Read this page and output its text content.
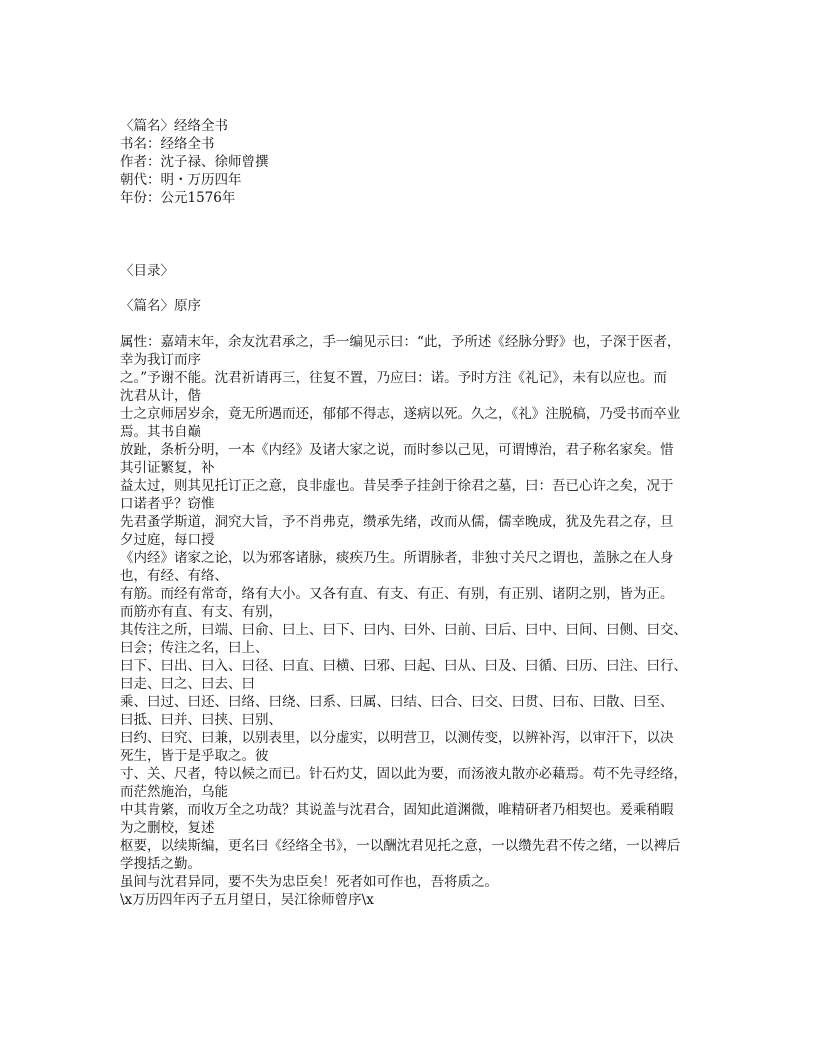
〈篇名〉经络全书
书名：经络全书
作者：沈子禄、徐师曾撰
朝代：明・万历四年
年份：公元1576年
〈目录〉
〈篇名〉原序
属性：嘉靖末年，余友沈君承之，手一编见示曰：“此，予所述《经脉分野》也，子深于医者，
幸为我订而序
之。”予谢不能。沈君祈请再三，往复不置，乃应曰：诺。予时方注《礼记》，未有以应也。而
沈君从计，偕
士之京师居岁余，竟无所遇而还，郁郁不得志，遂病以死。久之，《礼》注脱稿，乃受书而卒业
焉。其书自巅
放趾，条析分明，一本《内经》及诸大家之说，而时参以己见，可谓博治，君子称名家矣。惜
其引证繁复，补
益太过，则其见托订正之意，良非虚也。昔吴季子挂剑于徐君之墓，曰：吾已心许之矣，况于
口诺者乎？窃惟
先君蚤学斯道，洞究大旨，予不肖弗克，缵承先绪，改而从儒，儒幸晚成，犹及先君之存，旦
夕过庭，每口授
《内经》诸家之论，以为邪客诸脉，痰疾乃生。所谓脉者，非独寸关尺之谓也，盖脉之在人身
也，有经、有络、
有筋。而经有常奇，络有大小。又各有直、有支、有正、有别，有正别、诸阴之别，皆为正。
而筋亦有直、有支、有别，
其传注之所，曰端、曰俞、曰上、曰下、曰内、曰外、曰前、曰后、曰中、曰间、曰侧、曰交、
曰会；传注之名，曰上、
曰下、曰出、曰入、曰径、曰直、曰横、曰邪、曰起、曰从、曰及、曰循、曰历、曰注、曰行、
曰走、曰之、曰去、曰
乘、曰过、曰还、曰络、曰绕、曰系、曰属、曰结、曰合、曰交、曰贯、曰布、曰散、曰至、
曰抵、曰并、曰挟、曰别、
曰约、曰究、曰兼，以别表里，以分虚实，以明营卫，以测传变，以辨补泻，以审汗下，以决
死生，皆于是乎取之。彼
寸、关、尺者，特以候之而已。针石灼艾，固以此为要，而汤液丸散亦必藉焉。苟不先寻经络，
而茫然施治，乌能
中其肯綮，而收万全之功哉？其说盖与沈君合，固知此道渊微，唯精研者乃相契也。爰乘稍暇
为之删校，复述
枢要，以续斯编，更名曰《经络全书》，一以酬沈君见托之意，一以缵先君不传之绪，一以裨后
学搜括之勤。
虽间与沈君异同，要不失为忠臣矣！死者如可作也，吾将质之。
\x万历四年丙子五月望日，吴江徐师曾序\x
